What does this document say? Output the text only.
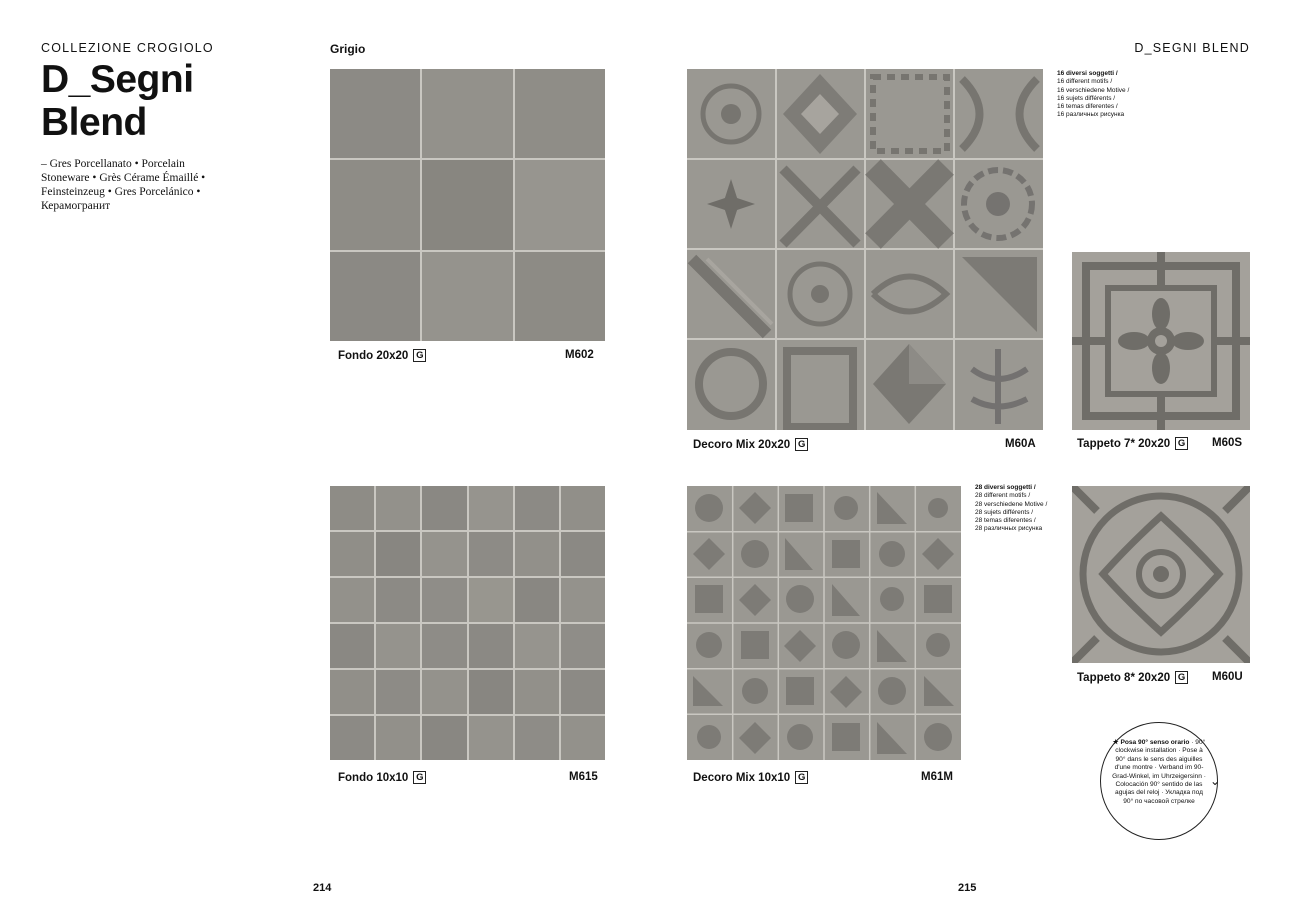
COLLEZIONE CROGIOLO	D_SEGNI BLEND
D_Segni
Blend
– Gres Porcellanato • Porcelain
Stoneware • Grès Cérame Émaillé •
Feinsteinzeug • Gres Porcelánico •
Керамогранит
Grigio
Fondo 20x20 G	M602
16 diversi soggetti /
16 different motifs /
16 verschiedene Motive /
16 sujets différents /
16 temas diferentes /
16 различных рисунка
Decoro Mix 20x20 G	M60A	Tappeto 7* 20x20 G M60S
Fondo 10x10 G	M615
28 diversi soggetti /
28 different motifs /
28 verschiedene Motive /
28 sujets différents /
28 temas diferentes /
28 различных рисунка
Decoro Mix 10x10 G	M61M
Tappeto 8* 20x20 G M60U
★ Posa 90° senso orario · 90° clockwise installation · Pose à 90° dans le sens des aiguilles d'une montre · Verband im 90-Grad-Winkel, im Uhrzeigersinn · Colocación 90° sentido de las agujas del reloj · Укладка под 90° по часовой стрелке
⌄
214	215
